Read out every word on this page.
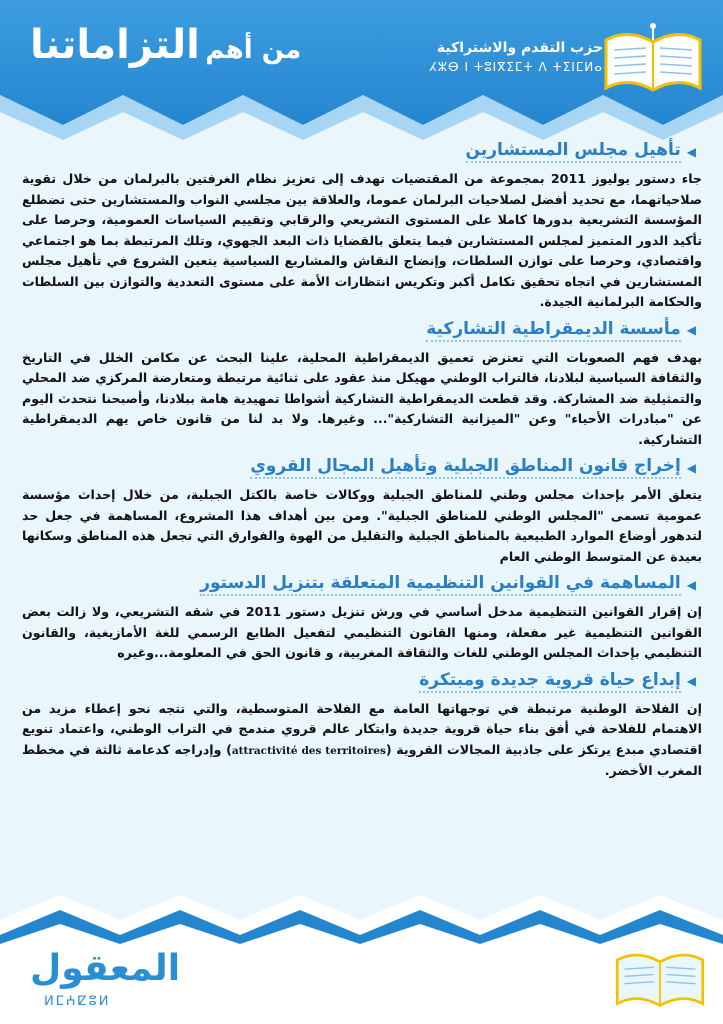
من أهم التزاماتنا	حزب التقدم والاشتراكية
ⵃⵣⴱ ⵏ ⵜⵓⵏⴳⵉⵎⵜ ⴷ ⵜⵉⵏⵎⵍⴰ
◀
تأهيل مجلس المستشارين

جاء دستور يوليوز 2011 بمجموعة من المقتضيات تهدف إلى تعزيز نظام الغرفتين بالبرلمان من خلال تقوية صلاحياتهما، مع تحديد أفضل لصلاحيات البرلمان عموما، والعلاقة بين مجلسي النواب والمستشارين حتى تضطلع المؤسسة التشريعية بدورها كاملا على المستوى التشريعي والرقابي وتقييم السياسات العمومية، وحرصا على تأكيد الدور المتميز لمجلس المستشارين فيما يتعلق بالقضايا ذات البعد الجهوي، وتلك المرتبطة بما هو اجتماعي واقتصادي، وحرصا على توازن السلطات، وإنضاج النقاش والمشاريع السياسية يتعين الشروع في تأهيل مجلس المستشارين في اتجاه تحقيق تكامل أكبر وتكريس انتظارات الأمة على مستوى التعددية والتوازن بين السلطات والحكامة البرلمانية الجيدة.

◀
مأسسة الديمقراطية التشاركية

بهدف فهم الصعوبات التي تعترض تعميق الديمقراطية المحلية، علينا البحث عن مكامن الخلل في التاريخ والثقافة السياسية لبلادنا، فالتراب الوطني مهيكل منذ عقود على ثنائية مرتبطة ومتعارضة المركزي ضد المحلي والتمثيلية ضد المشاركة. وقد قطعت الديمقراطية التشاركية أشواطا تمهيدية هامة ببلادنا، وأصبحنا نتحدث اليوم عن "مبادرات الأحياء" وعن "الميزانية التشاركية"... وغيرها. ولا بد لنا من قانون خاص يهم الديمقراطية التشاركية.

◀
إخراج قانون المناطق الجبلية وتأهيل المجال القروي

يتعلق الأمر بإحداث مجلس وطني للمناطق الجبلية ووكالات خاصة بالكتل الجبلية، من خلال إحداث مؤسسة عمومية تسمى "المجلس الوطني للمناطق الجبلية". ومن بين أهداف هذا المشروع، المساهمة في جعل حد لتدهور أوضاع الموارد الطبيعية بالمناطق الجبلية والتقليل من الهوة والفوارق التي تجعل هذه المناطق وسكانها بعيدة عن المتوسط الوطني العام

◀
المساهمة في القوانين التنظيمية المتعلقة بتنزيل الدستور

إن إقرار القوانين التنظيمية مدخل أساسي في ورش تنزيل دستور 2011 في شقه التشريعي، ولا زالت بعض القوانين التنظيمية غير مفعلة، ومنها القانون التنظيمي لتفعيل الطابع الرسمي للغة الأمازيغية، والقانون التنظيمي بإحداث المجلس الوطني للغات والثقافة المغربية، و قانون الحق في المعلومة...وغيره

◀
إبداع حياة قروية جديدة ومبتكرة

إن الفلاحة الوطنية مرتبطة في توجهاتها العامة مع الفلاحة المتوسطية، والتي تتجه نحو إعطاء مزيد من الاهتمام للفلاحة في أفق بناء حياة قروية جديدة وابتكار عالم قروي مندمج في التراب الوطني، واعتماد تنويع اقتصادي مبدع يرتكز على جاذبية المجالات القروية (attractivité des territoires) وإدراجه كدعامة ثالثة في مخطط المغرب الأخضر.

المعقول
ⵍⵎⵄⵇⵓⵍ
